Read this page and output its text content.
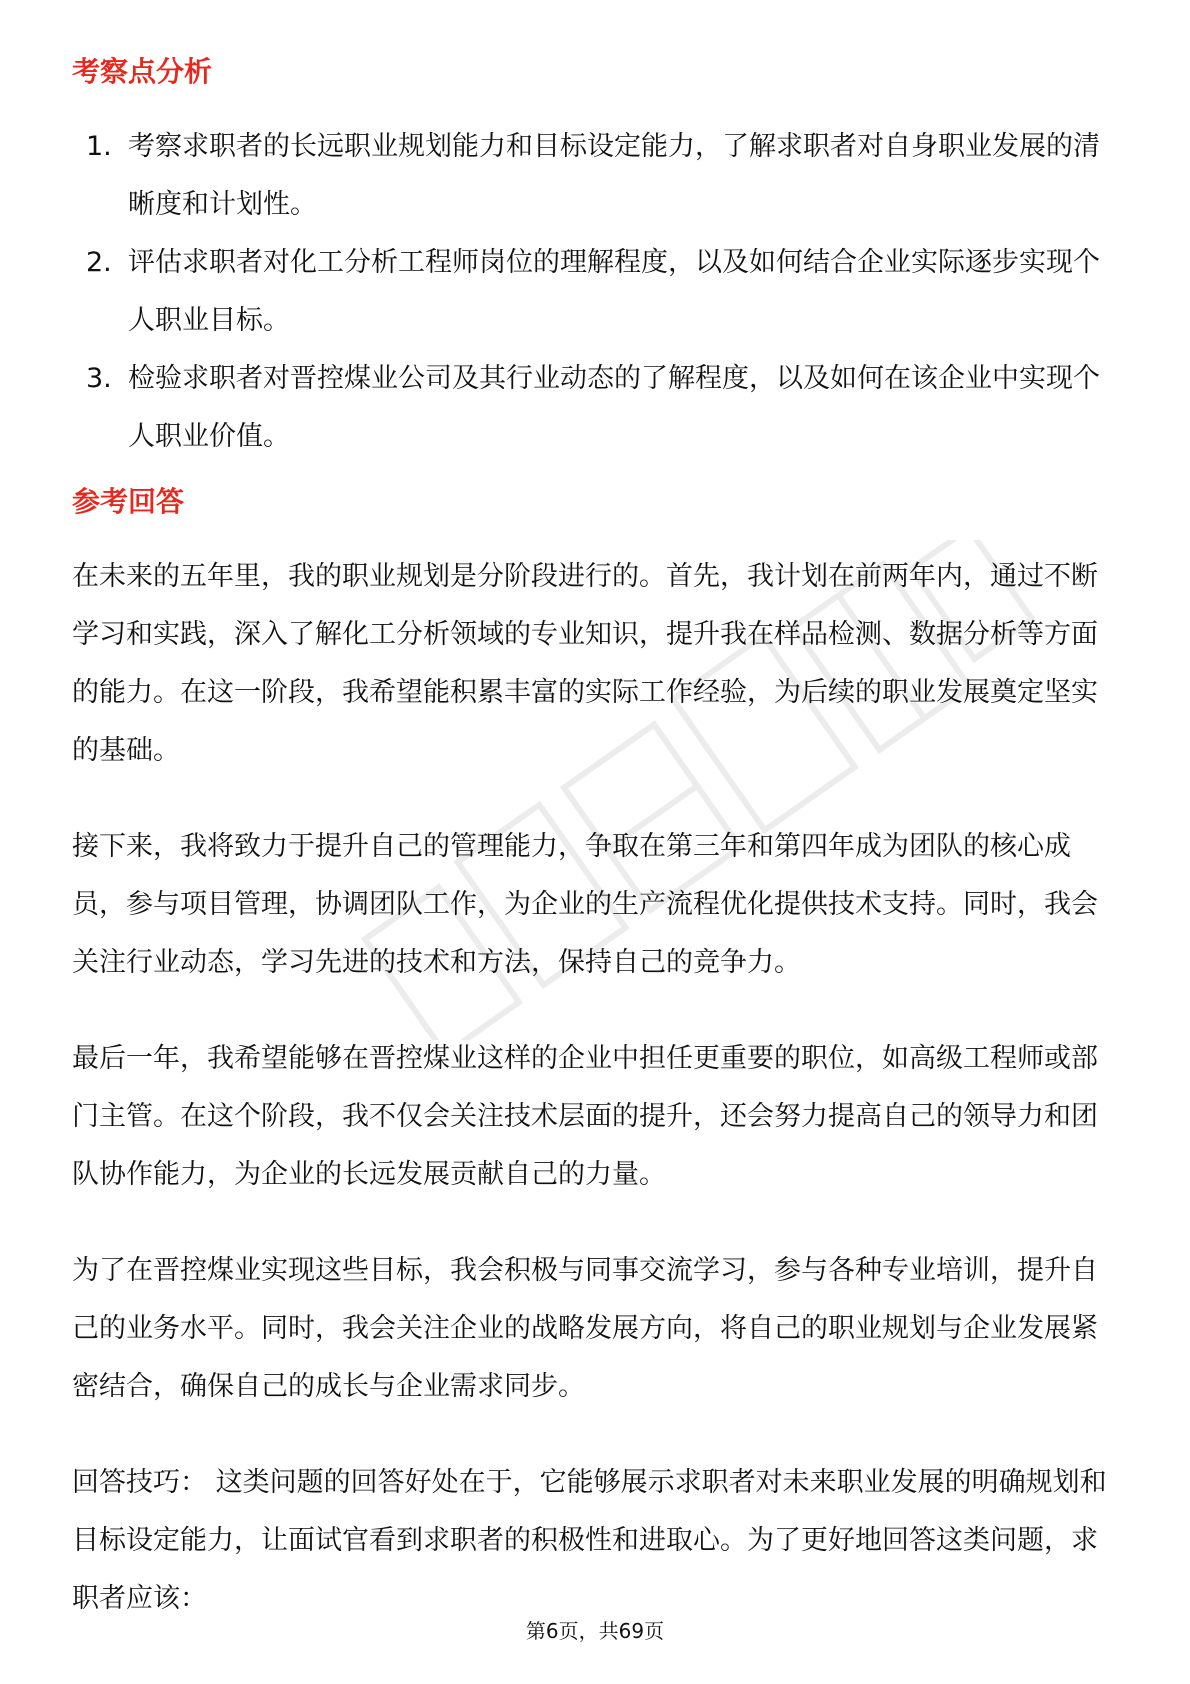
考察点分析
1. 考察求职者的长远职业规划能力和目标设定能力，了解求职者对自身职业发展的清晰度和计划性。
2. 评估求职者对化工分析工程师岗位的理解程度，以及如何结合企业实际逐步实现个人职业目标。
3. 检验求职者对晋控煤业公司及其行业动态的了解程度，以及如何在该企业中实现个人职业价值。
参考回答

在未来的五年里，我的职业规划是分阶段进行的。首先，我计划在前两年内，通过不断学习和实践，深入了解化工分析领域的专业知识，提升我在样品检测、数据分析等方面的能力。在这一阶段，我希望能积累丰富的实际工作经验，为后续的职业发展奠定坚实的基础。

接下来，我将致力于提升自己的管理能力，争取在第三年和第四年成为团队的核心成员，参与项目管理，协调团队工作，为企业的生产流程优化提供技术支持。同时，我会关注行业动态，学习先进的技术和方法，保持自己的竞争力。

最后一年，我希望能够在晋控煤业这样的企业中担任更重要的职位，如高级工程师或部门主管。在这个阶段，我不仅会关注技术层面的提升，还会努力提高自己的领导力和团队协作能力，为企业的长远发展贡献自己的力量。

为了在晋控煤业实现这些目标，我会积极与同事交流学习，参与各种专业培训，提升自己的业务水平。同时，我会关注企业的战略发展方向，将自己的职业规划与企业发展紧密结合，确保自己的成长与企业需求同步。

回答技巧： 这类问题的回答好处在于，它能够展示求职者对未来职业发展的明确规划和目标设定能力，让面试官看到求职者的积极性和进取心。为了更好地回答这类问题，求职者应该：

第6页，共69页
